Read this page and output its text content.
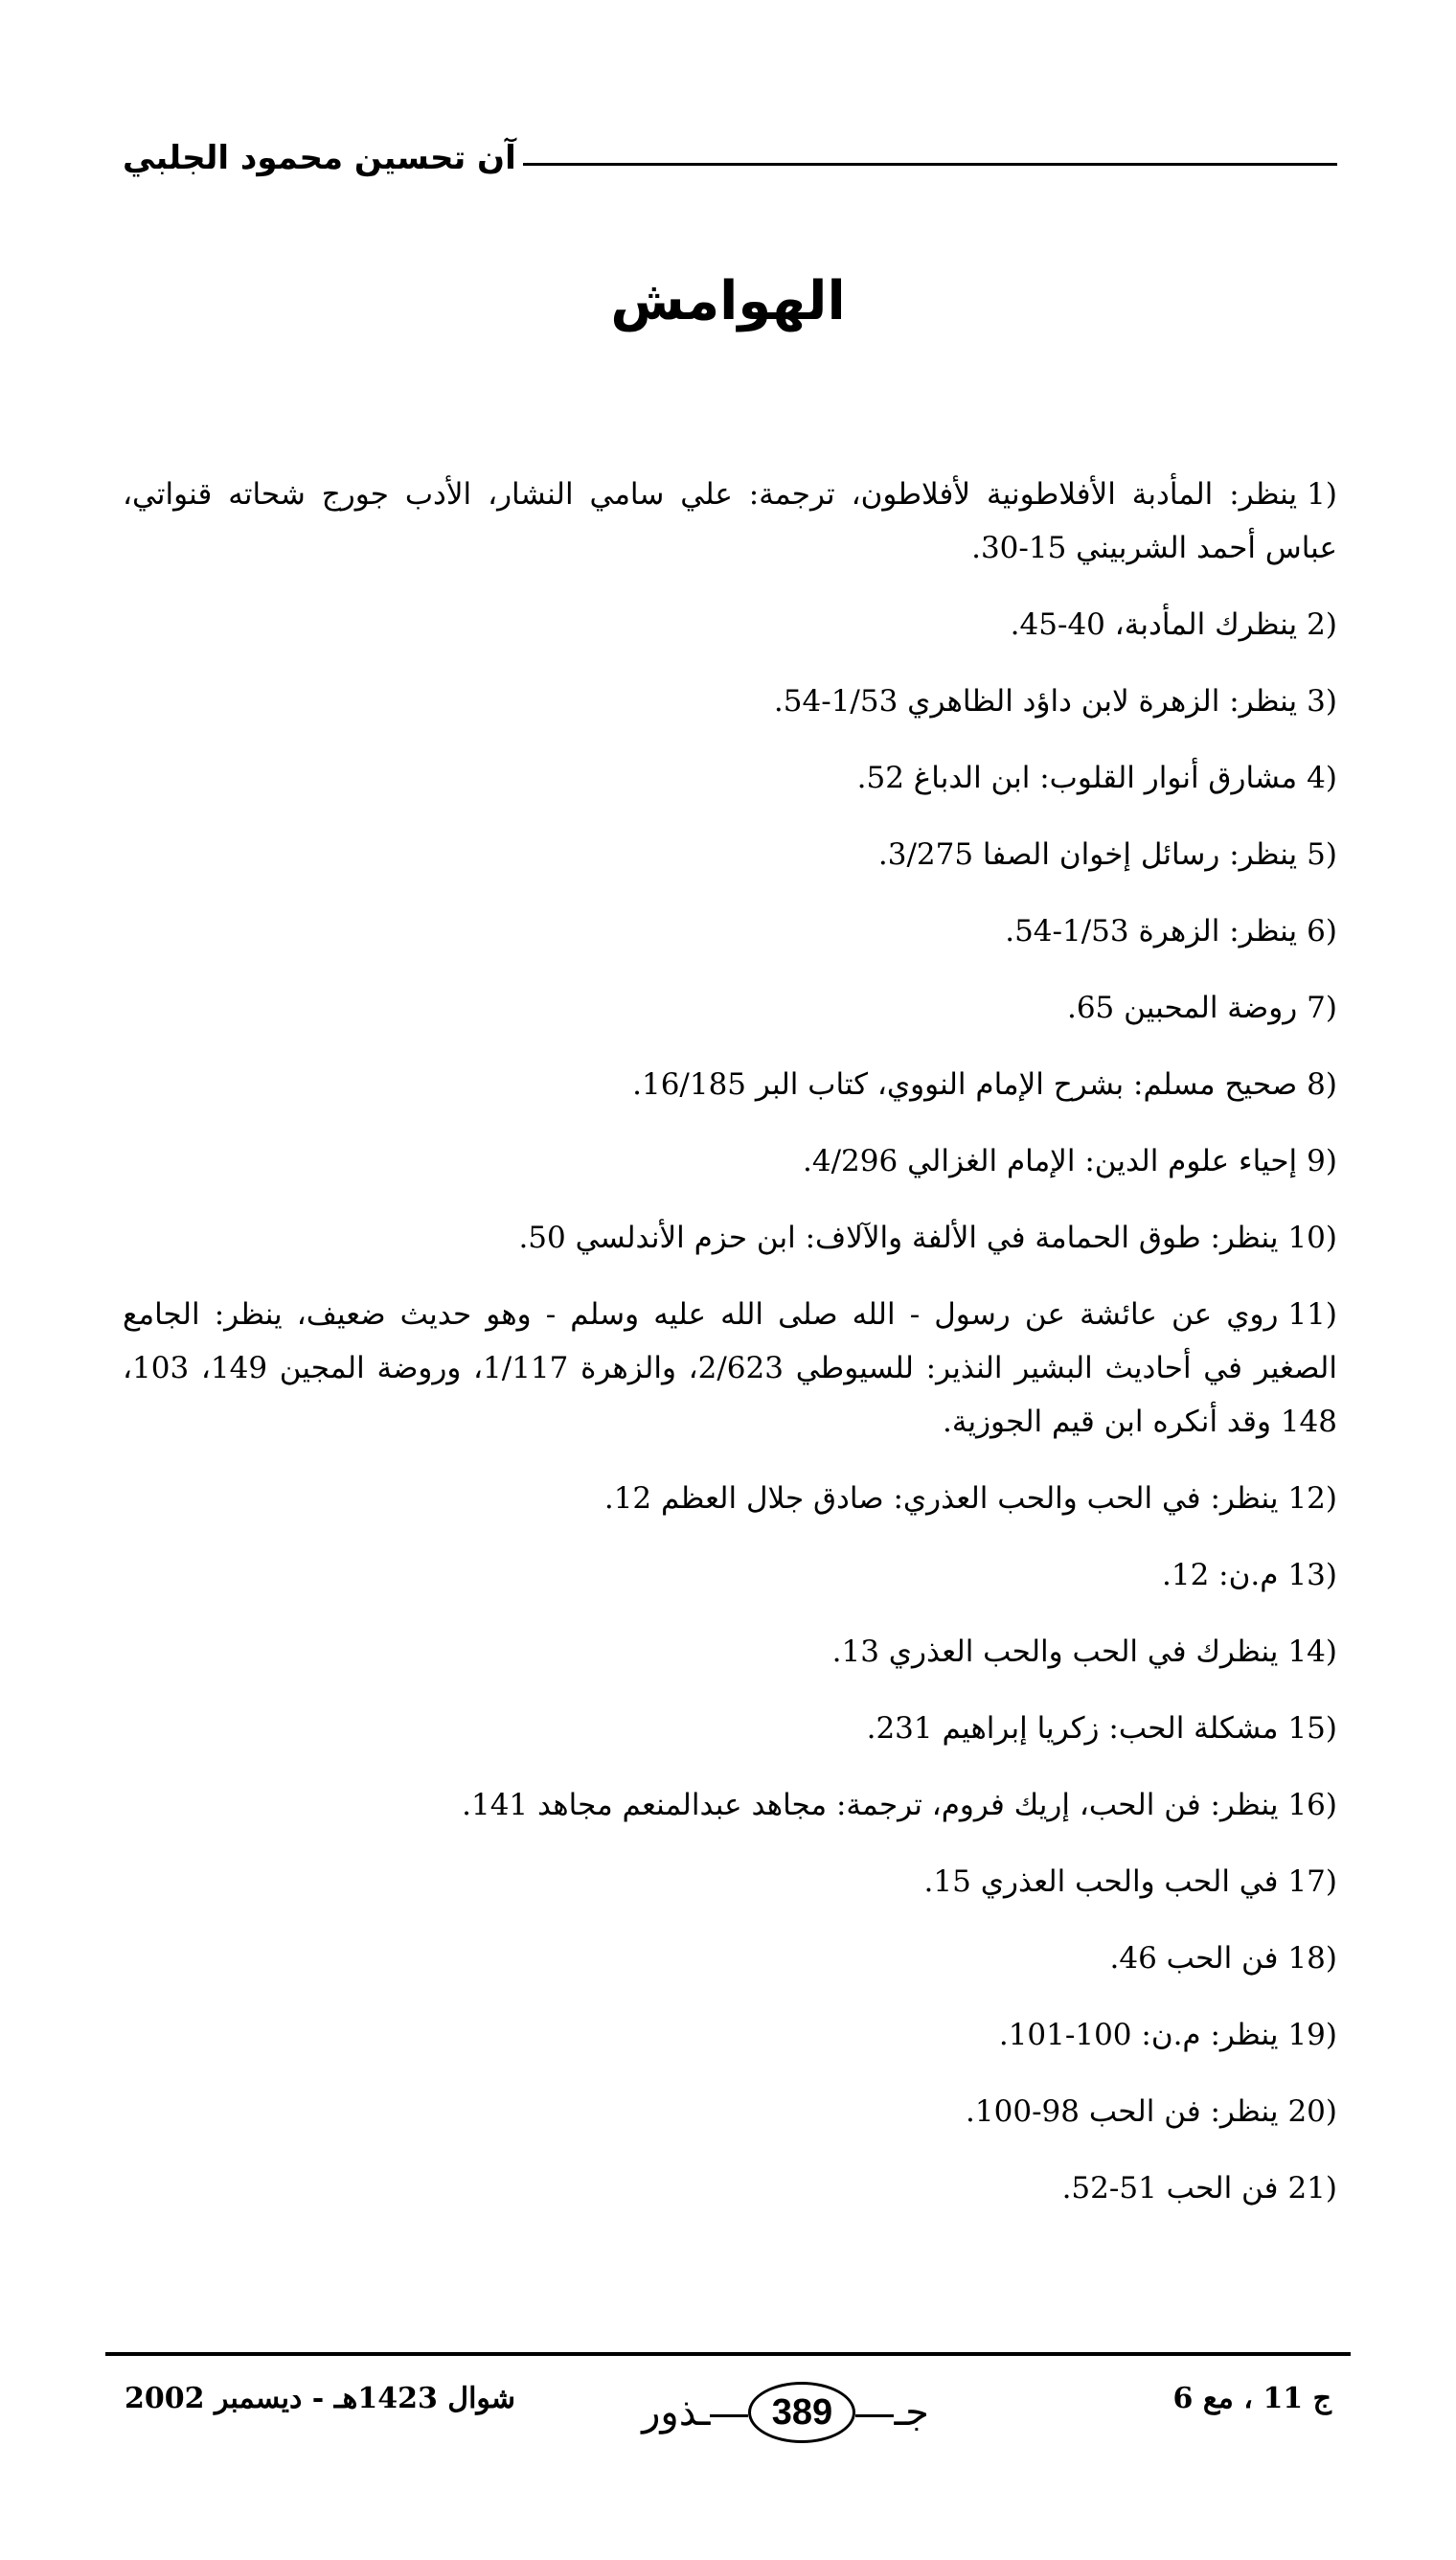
آن تحسين محمود الجلبي
الهوامش
1)ينظر: المأدبة الأفلاطونية لأفلاطون، ترجمة: علي سامي النشار، الأدب جورج شحاته قنواتي، عباس أحمد الشربيني 15-30.
2)ينظرك المأدبة، 40-45.
3)ينظر: الزهرة لابن داؤد الظاهري 1/53-54.
4)مشارق أنوار القلوب: ابن الدباغ 52.
5)ينظر: رسائل إخوان الصفا 3/275.
6)ينظر: الزهرة 1/53-54.
7)روضة المحبين 65.
8)صحيح مسلم: بشرح الإمام النووي، كتاب البر 16/185.
9)إحياء علوم الدين: الإمام الغزالي 4/296.
10)ينظر: طوق الحمامة في الألفة والآلاف: ابن حزم الأندلسي 50.
11)روي عن عائشة عن رسول - الله صلى الله عليه وسلم - وهو حديث ضعيف، ينظر: الجامع الصغير في أحاديث البشير النذير: للسيوطي 2/623، والزهرة 1/117، وروضة المجين 149، 103، 148 وقد أنكره ابن قيم الجوزية.
12)ينظر: في الحب والحب العذري: صادق جلال العظم 12.
13)م.ن: 12.
14)ينظرك في الحب والحب العذري 13.
15)مشكلة الحب: زكريا إبراهيم 231.
16)ينظر: فن الحب، إريك فروم، ترجمة: مجاهد عبدالمنعم مجاهد 141.
17)في الحب والحب العذري 15.
18)فن الحب 46.
19)ينظر: م.ن: 100-101.
20)ينظر: فن الحب 98-100.
21)فن الحب 51-52.
ج 11 ، مع 6
ـذور	389	جـ
شوال 1423هـ - ديسمبر 2002
